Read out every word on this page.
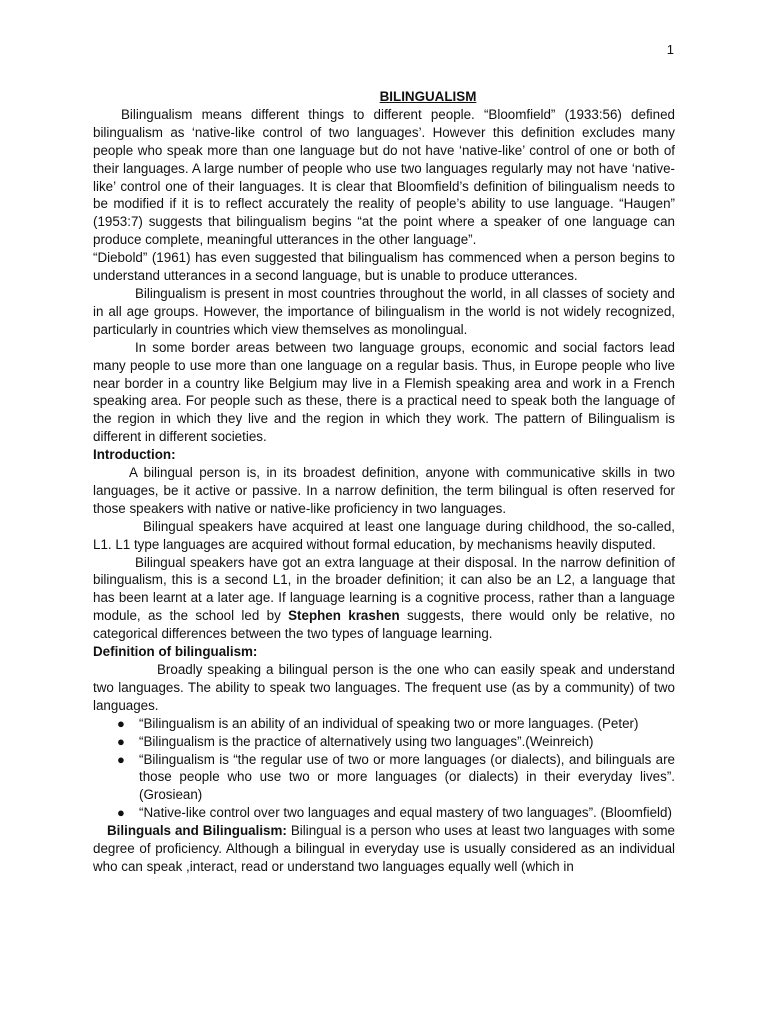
1

BILINGUALISM

Bilingualism means different things to different people. “Bloomfield” (1933:56) defined bilingualism as ‘native-like control of two languages’. However this definition excludes many people who speak more than one language but do not have ‘native-like’ control of one or both of their languages. A large number of people who use two languages regularly may not have ‘native-like’ control one of their languages. It is clear that Bloomfield’s definition of bilingualism needs to be modified if it is to reflect accurately the reality of people’s ability to use language. “Haugen” (1953:7) suggests that bilingualism begins “at the point where a speaker of one language can produce complete, meaningful utterances in the other language”.

“Diebold” (1961) has even suggested that bilingualism has commenced when a person begins to understand utterances in a second language, but is unable to produce utterances.

Bilingualism is present in most countries throughout the world, in all classes of society and in all age groups. However, the importance of bilingualism in the world is not widely recognized, particularly in countries which view themselves as monolingual.

In some border areas between two language groups, economic and social factors lead many people to use more than one language on a regular basis. Thus, in Europe people who live near border in a country like Belgium may live in a Flemish speaking area and work in a French speaking area. For people such as these, there is a practical need to speak both the language of the region in which they live and the region in which they work. The pattern of Bilingualism is different in different societies.

Introduction:

A bilingual person is, in its broadest definition, anyone with communicative skills in two languages, be it active or passive. In a narrow definition, the term bilingual is often reserved for those speakers with native or native-like proficiency in two languages.

Bilingual speakers have acquired at least one language during childhood, the so-called, L1. L1 type languages are acquired without formal education, by mechanisms heavily disputed.

Bilingual speakers have got an extra language at their disposal. In the narrow definition of bilingualism, this is a second L1, in the broader definition; it can also be an L2, a language that has been learnt at a later age. If language learning is a cognitive process, rather than a language module, as the school led by Stephen krashen suggests, there would only be relative, no categorical differences between the two types of language learning.

Definition of bilingualism:

Broadly speaking a bilingual person is the one who can easily speak and understand two languages. The ability to speak two languages. The frequent use (as by a community) of two languages.

● “Bilingualism is an ability of an individual of speaking two or more languages. (Peter)
● “Bilingualism is the practice of alternatively using two languages”.(Weinreich)
● “Bilingualism is “the regular use of two or more languages (or dialects), and bilinguals are those people who use two or more languages (or dialects) in their everyday lives”. (Grosiean)
● “Native-like control over two languages and equal mastery of two languages”. (Bloomfield)

Bilinguals and Bilingualism: Bilingual is a person who uses at least two languages with some degree of proficiency. Although a bilingual in everyday use is usually considered as an individual who can speak ,interact, read or understand two languages equally well (which in
